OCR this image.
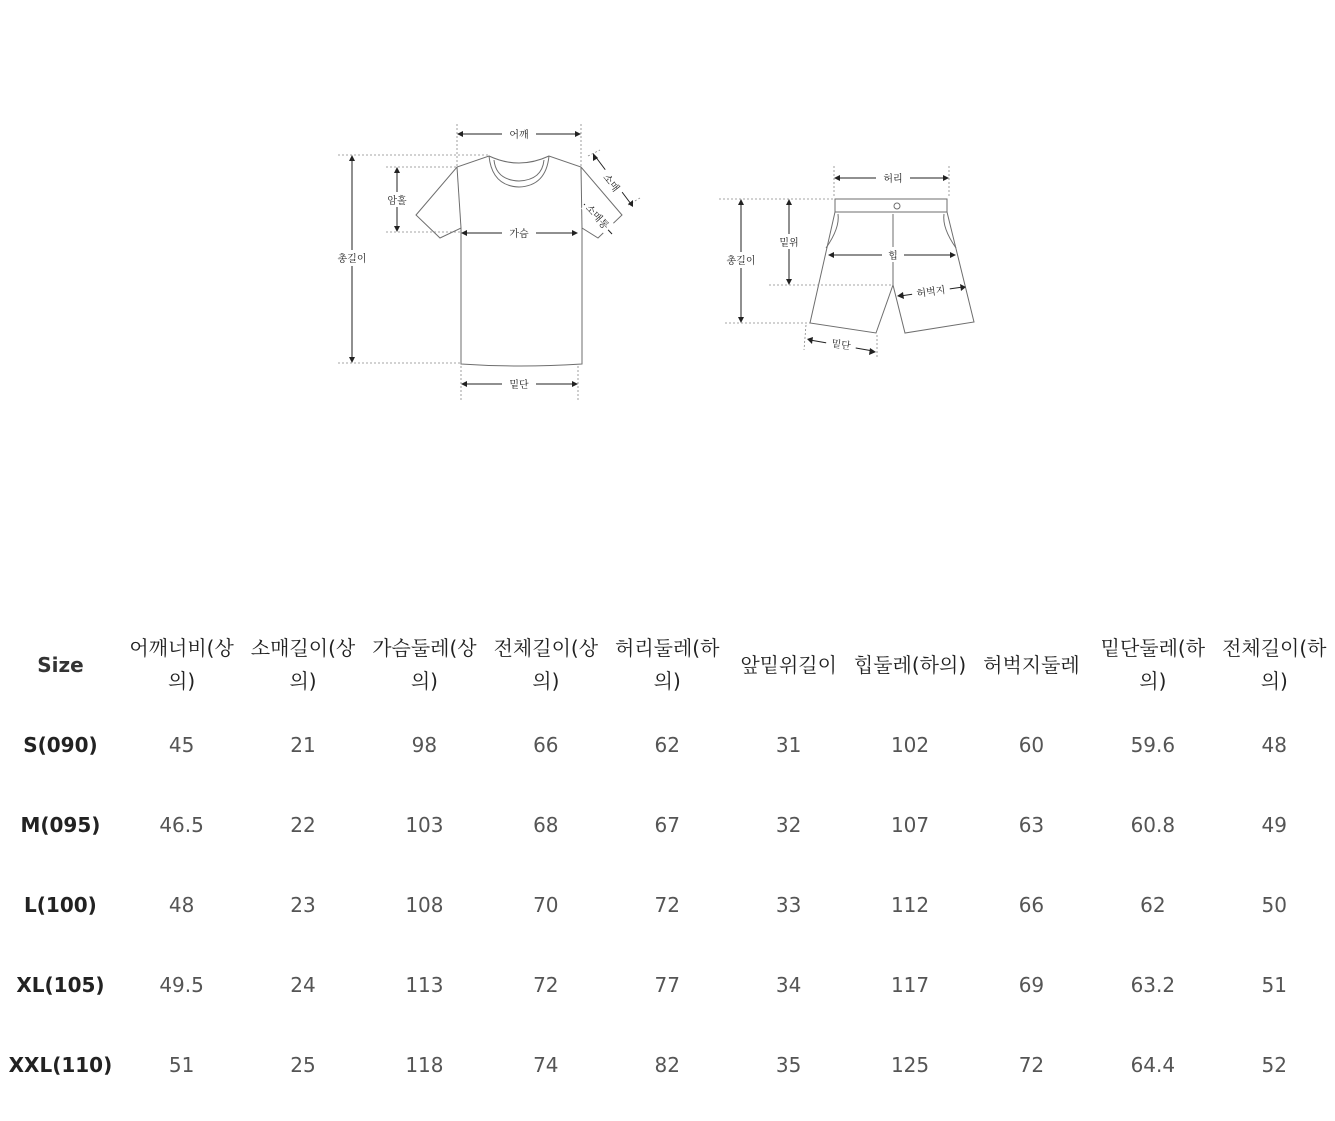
어깨
총길이
암홀
가슴
소매
소매통
밑단
허리
총길이
밑위
힙
허벅지
밑단
Size	어깨너비(상의)	소매길이(상의)	가슴둘레(상의)	전체길이(상의)	허리둘레(하의)	앞밑위길이	힙둘레(하의)	허벅지둘레	밑단둘레(하의)	전체길이(하의)
S(090)	45	21	98	66	62	31	102	60	59.6	48
M(095)	46.5	22	103	68	67	32	107	63	60.8	49
L(100)	48	23	108	70	72	33	112	66	62	50
XL(105)	49.5	24	113	72	77	34	117	69	63.2	51
XXL(110)	51	25	118	74	82	35	125	72	64.4	52
